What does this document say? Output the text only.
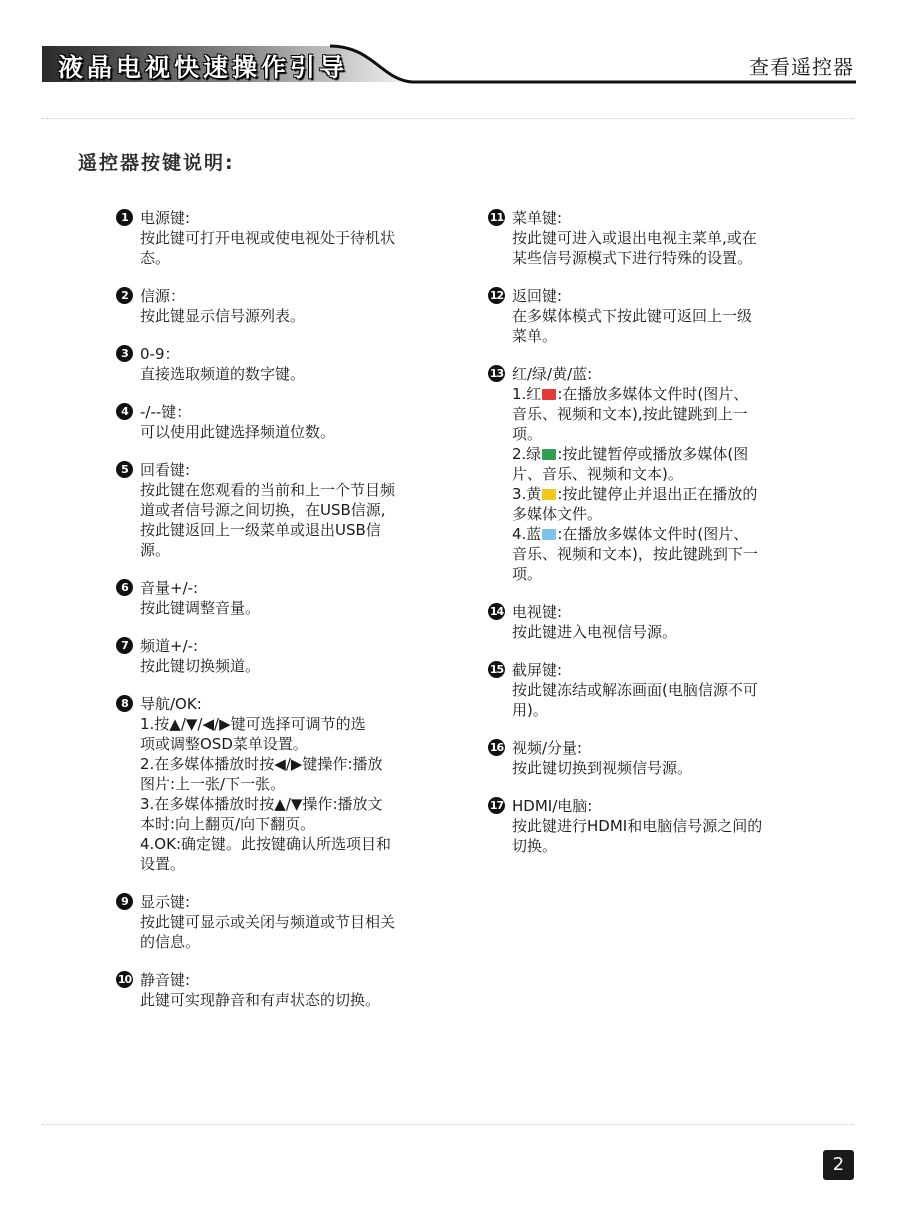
液晶电视快速操作引导	查看遥控器
遥控器按键说明:
1 电源键:
按此键可打开电视或使电视处于待机状
态。
2 信源：
按此键显示信号源列表。
3 0-9：
直接选取频道的数字键。
4 -/--键：
可以使用此键选择频道位数。
5 回看键:
按此键在您观看的当前和上一个节目频
道或者信号源之间切换，在USB信源,
按此键返回上一级菜单或退出USB信
源。
6 音量+/-:
按此键调整音量。
7 频道+/-:
按此键切换频道。
8 导航/OK:
1.按▲/▼/◀/▶键可选择可调节的选
项或调整OSD菜单设置。
2.在多媒体播放时按◀/▶键操作:播放
图片:上一张/下一张。
3.在多媒体播放时按▲/▼操作:播放文
本时:向上翻页/向下翻页。
4.OK:确定键。此按键确认所选项目和
设置。
9 显示键:
按此键可显示或关闭与频道或节目相关
的信息。
10 静音键:
此键可实现静音和有声状态的切换。
11 菜单键:
按此键可进入或退出电视主菜单,或在
某些信号源模式下进行特殊的设置。
12 返回键:
在多媒体模式下按此键可返回上一级
菜单。
13 红/绿/黄/蓝:
1.红 :在播放多媒体文件时(图片、
音乐、视频和文本),按此键跳到上一
项。
2.绿 :按此键暂停或播放多媒体(图
片、音乐、视频和文本)。
3.黄 :按此键停止并退出正在播放的
多媒体文件。
4.蓝 :在播放多媒体文件时(图片、
音乐、视频和文本)，按此键跳到下一
项。
14 电视键:
按此键进入电视信号源。
15 截屏键:
按此键冻结或解冻画面(电脑信源不可
用)。
16 视频/分量:
按此键切换到视频信号源。
17 HDMI/电脑:
按此键进行HDMI和电脑信号源之间的
切换。
2
